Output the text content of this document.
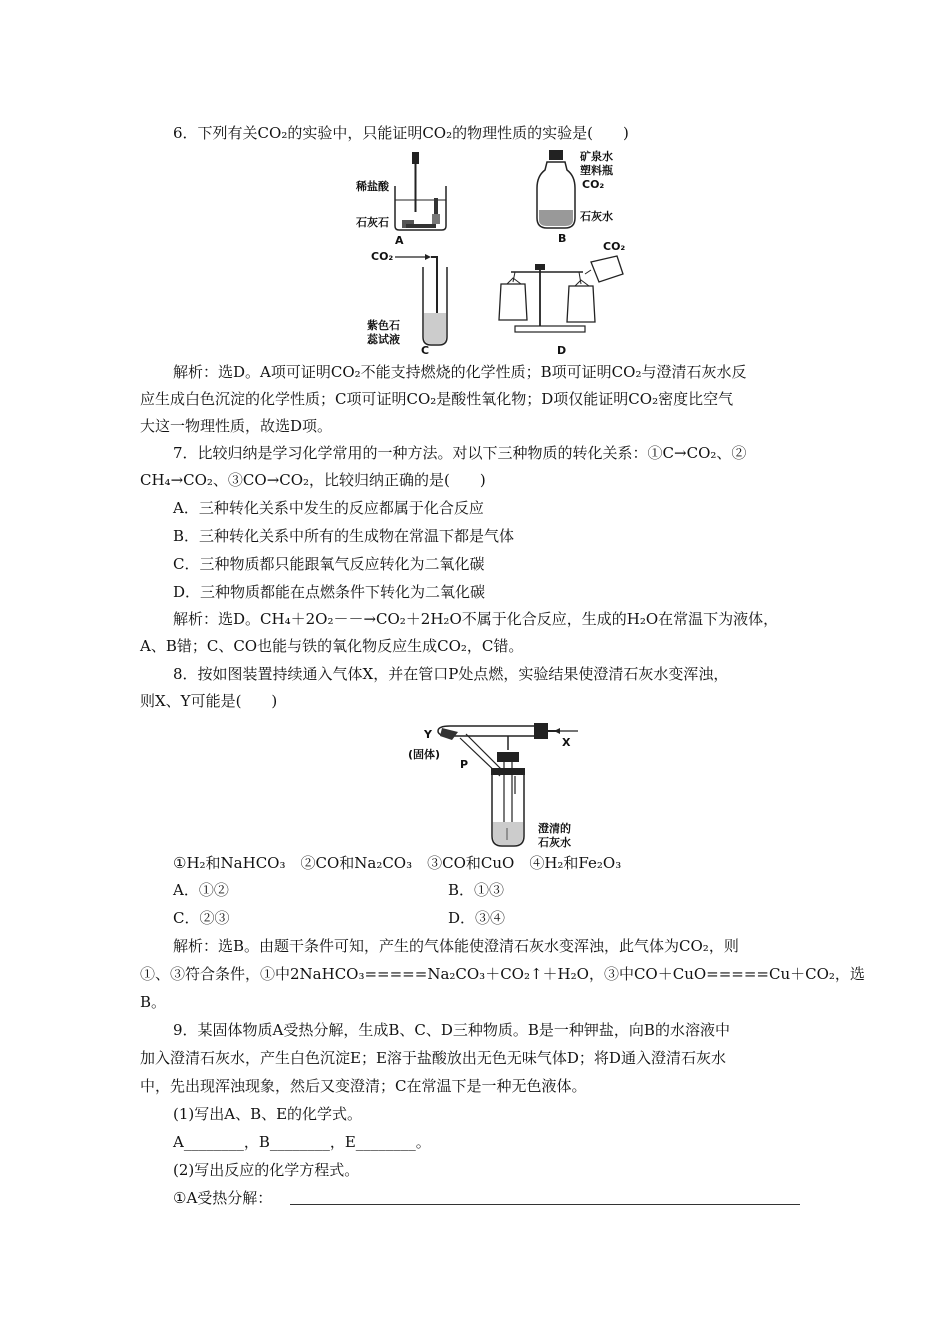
6．下列有关CO₂的实验中，只能证明CO₂的物理性质的实验是(　　)
稀盐酸
石灰石
A
矿泉水
塑料瓶
CO₂
石灰水
B
CO₂
紫色石
蕊试液
C
CO₂
D
解析：选D。A项可证明CO₂不能支持燃烧的化学性质；B项可证明CO₂与澄清石灰水反
应生成白色沉淀的化学性质；C项可证明CO₂是酸性氧化物；D项仅能证明CO₂密度比空气
大这一物理性质，故选D项。
7．比较归纳是学习化学常用的一种方法。对以下三种物质的转化关系：①C→CO₂、②
CH₄→CO₂、③CO→CO₂，比较归纳正确的是(　　)
A．三种转化关系中发生的反应都属于化合反应
B．三种转化关系中所有的生成物在常温下都是气体
C．三种物质都只能跟氧气反应转化为二氧化碳
D．三种物质都能在点燃条件下转化为二氧化碳
解析：选D。CH₄＋2O₂－－→CO₂＋2H₂O不属于化合反应，生成的H₂O在常温下为液体，
A、B错；C、CO也能与铁的氧化物反应生成CO₂，C错。
8．按如图装置持续通入气体X，并在管口P处点燃，实验结果使澄清石灰水变浑浊，
则X、Y可能是(　　)
Y
(固体)
P
X
澄清的
石灰水
①H₂和NaHCO₃　②CO和Na₂CO₃　③CO和CuO　④H₂和Fe₂O₃
A．①②	B．①③
C．②③	D．③④
解析：选B。由题干条件可知，产生的气体能使澄清石灰水变浑浊，此气体为CO₂，则
①、③符合条件，①中2NaHCO₃=====Na₂CO₃＋CO₂↑＋H₂O，③中CO＋CuO=====Cu＋CO₂，选
B。
9．某固体物质A受热分解，生成B、C、D三种物质。B是一种钾盐，向B的水溶液中
加入澄清石灰水，产生白色沉淀E；E溶于盐酸放出无色无味气体D；将D通入澄清石灰水
中，先出现浑浊现象，然后又变澄清；C在常温下是一种无色液体。
(1)写出A、B、E的化学式。
A________，B________，E________。
(2)写出反应的化学方程式。
①A受热分解：
